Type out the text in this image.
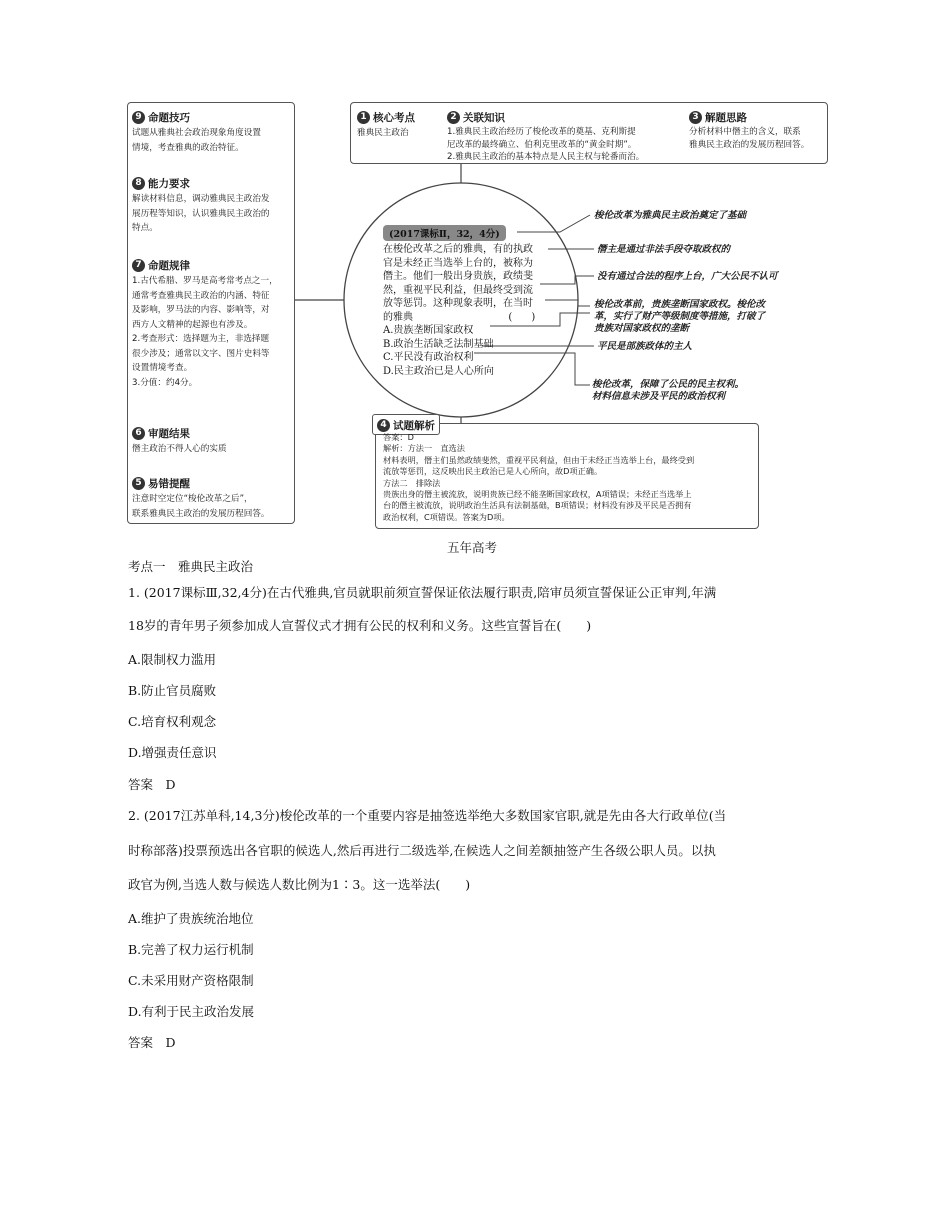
9 命题技巧
试题从雅典社会政治现象角度设置
情境，考查雅典的政治特征。
8 能力要求
解读材料信息，调动雅典民主政治发
展历程等知识，认识雅典民主政治的
特点。
7 命题规律
1.古代希腊、罗马是高考常考点之一，
通常考查雅典民主政治的内涵、特征
及影响，罗马法的内容、影响等，对
西方人文精神的起源也有涉及。
2.考查形式：选择题为主，非选择题
很少涉及；通常以文字、图片史料等
设置情境考查。
3.分值：约4分。
6 审题结果
僭主政治不得人心的实质
5 易错提醒
注意时空定位“梭伦改革之后”，
联系雅典民主政治的发展历程回答。
1 核心考点
雅典民主政治
2 关联知识
1.雅典民主政治经历了梭伦改革的奠基、克利斯提
尼改革的最终确立、伯利克里改革的“黄金时期”。
2.雅典民主政治的基本特点是人民主权与轮番而治。
3 解题思路
分析材料中僭主的含义，联系
雅典民主政治的发展历程回答。
(2017课标Ⅱ，32，4分)
在梭伦改革之后的雅典，有的执政
官是未经正当选举上台的，被称为
僭主。他们一般出身贵族，政绩斐
然，重视平民利益，但最终受到流
放等惩罚。这种现象表明，在当时
的雅典                              (      )
A.贵族垄断国家政权
B.政治生活缺乏法制基础
C.平民没有政治权利
D.民主政治已是人心所向
梭伦改革为雅典民主政治奠定了基础
僭主是通过非法手段夺取政权的
没有通过合法的程序上台，广大公民不认可
梭伦改革前，贵族垄断国家政权。梭伦改
革，实行了财产等级制度等措施，打破了
贵族对国家政权的垄断
平民是部族政体的主人
梭伦改革，保障了公民的民主权利。
材料信息未涉及平民的政治权利
4 试题解析
答案：D
解析：方法一　直选法
材料表明，僭主们虽然政绩斐然，重视平民利益，但由于未经正当选举上台，最终受到
流放等惩罚，这反映出民主政治已是人心所向，故D项正确。
方法二　排除法
贵族出身的僭主被流放，说明贵族已经不能垄断国家政权，A项错误；未经正当选举上
台的僭主被流放，说明政治生活具有法制基础，B项错误；材料没有涉及平民是否拥有
政治权利，C项错误。答案为D项。
五年高考
考点一　雅典民主政治
1. (2017课标Ⅲ,32,4分)在古代雅典,官员就职前须宣誓保证依法履行职责,陪审员须宣誓保证公正审判,年满
18岁的青年男子须参加成人宣誓仪式才拥有公民的权利和义务。这些宣誓旨在(　　)
A.限制权力滥用
B.防止官员腐败
C.培育权利观念
D.增强责任意识
答案　D
2. (2017江苏单科,14,3分)梭伦改革的一个重要内容是抽签选举绝大多数国家官职,就是先由各大行政单位(当
时称部落)投票预选出各官职的候选人,然后再进行二级选举,在候选人之间差额抽签产生各级公职人员。以执
政官为例,当选人数与候选人数比例为1∶3。这一选举法(　　)
A.维护了贵族统治地位
B.完善了权力运行机制
C.未采用财产资格限制
D.有利于民主政治发展
答案　D
